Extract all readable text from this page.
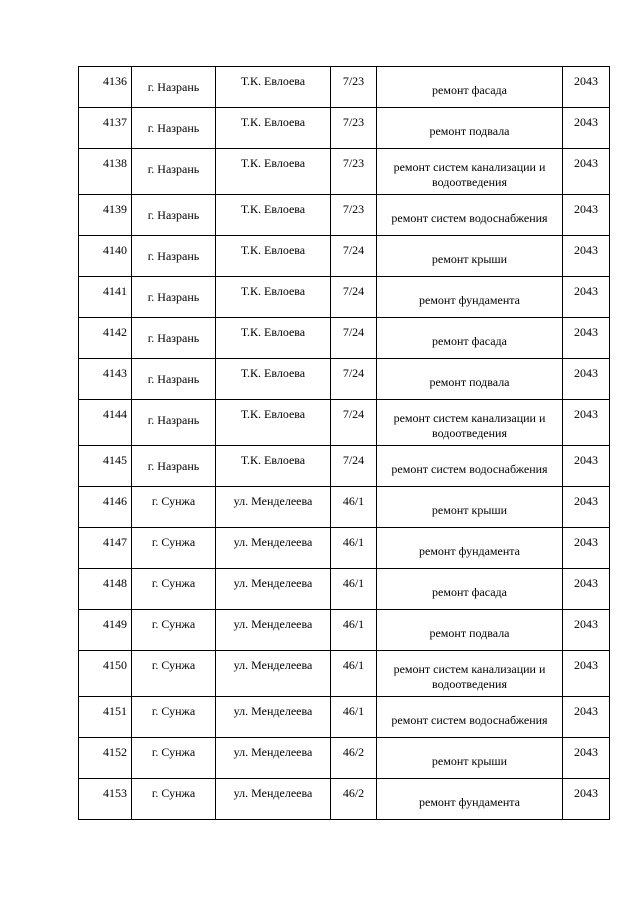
4136	г. Назрань	Т.К. Евлоева	7/23	ремонт фасада	2043
4137	г. Назрань	Т.К. Евлоева	7/23	ремонт подвала	2043
4138	г. Назрань	Т.К. Евлоева	7/23	ремонт систем канализации и водоотведения	2043
4139	г. Назрань	Т.К. Евлоева	7/23	ремонт систем водоснабжения	2043
4140	г. Назрань	Т.К. Евлоева	7/24	ремонт крыши	2043
4141	г. Назрань	Т.К. Евлоева	7/24	ремонт фундамента	2043
4142	г. Назрань	Т.К. Евлоева	7/24	ремонт фасада	2043
4143	г. Назрань	Т.К. Евлоева	7/24	ремонт подвала	2043
4144	г. Назрань	Т.К. Евлоева	7/24	ремонт систем канализации и водоотведения	2043
4145	г. Назрань	Т.К. Евлоева	7/24	ремонт систем водоснабжения	2043
4146	г. Сунжа	ул. Менделеева	46/1	ремонт крыши	2043
4147	г. Сунжа	ул. Менделеева	46/1	ремонт фундамента	2043
4148	г. Сунжа	ул. Менделеева	46/1	ремонт фасада	2043
4149	г. Сунжа	ул. Менделеева	46/1	ремонт подвала	2043
4150	г. Сунжа	ул. Менделеева	46/1	ремонт систем канализации и водоотведения	2043
4151	г. Сунжа	ул. Менделеева	46/1	ремонт систем водоснабжения	2043
4152	г. Сунжа	ул. Менделеева	46/2	ремонт крыши	2043
4153	г. Сунжа	ул. Менделеева	46/2	ремонт фундамента	2043
